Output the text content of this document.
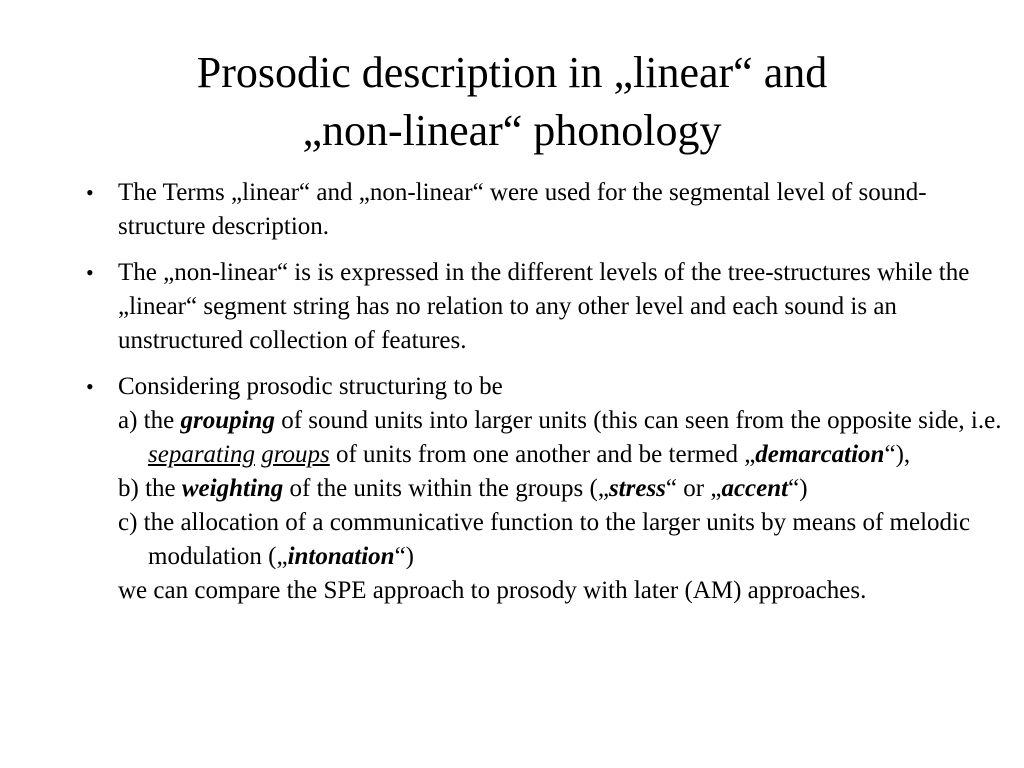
Prosodic description in „linear“ and
„non-linear“ phonology
• The Terms „linear“ and „non-linear“ were used for the segmental level of sound-structure description.
• The „non-linear“ is is expressed in the different levels of the tree-structures while the „linear“ segment string has no relation to any other level and each sound is an unstructured collection of features.
• Considering prosodic structuring to be
a) the grouping of sound units into larger units (this can seen from the opposite side, i.e. separating groups of units from one another and be termed „demarcation“),
b) the weighting of the units within the groups („stress“ or „accent“)
c) the allocation of a communicative function to the larger units by means of melodic modulation („intonation“)
we can compare the SPE approach to prosody with later (AM) approaches.
